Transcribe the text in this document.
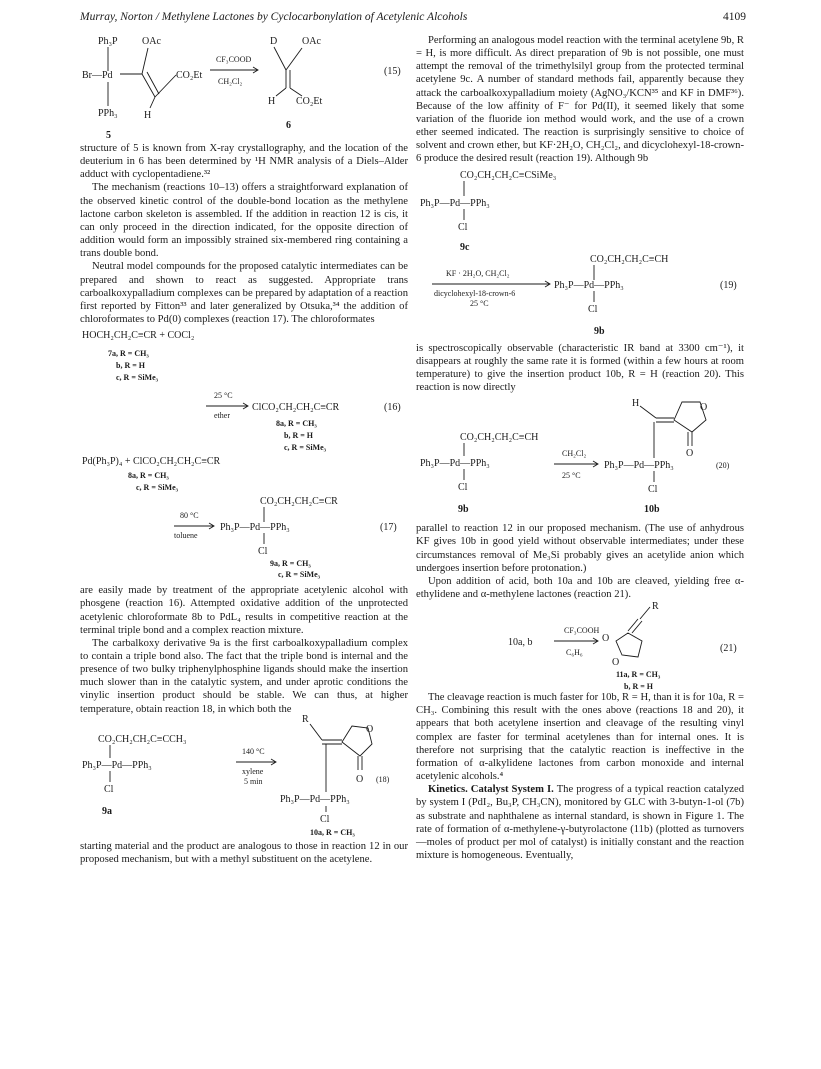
Murray, Norton / Methylene Lactones by Cyclocarbonylation of Acetylenic Alcohols	4109
Ph₃P OAc
Br—Pd	CO₂Et
PPh₃	H
5
CF₃COOD
CH₂Cl₂
D OAc
H CO₂Et
6
(15)

structure of 5 is known from X-ray crystallography, and the location of the deuterium in 6 has been determined by ¹H NMR analysis of a Diels–Alder adduct with cyclopentadiene.³²

The mechanism (reactions 10–13) offers a straightforward explanation of the observed kinetic control of the double-bond location as the methylene lactone carbon skeleton is assembled. If the addition in reaction 12 is cis, it can only proceed in the direction indicated, for the opposite direction of addition would form an impossibly strained six-membered ring containing a trans double bond.

Neutral model compounds for the proposed catalytic intermediates can be prepared and shown to react as suggested. Appropriate trans carboalkoxypalladium complexes can be prepared by adaptation of a reaction first reported by Fitton³³ and later generalized by Otsuka,³⁴ the addition of chloroformates to Pd(0) complexes (reaction 17). The chloroformates

HOCH₂CH₂C≡CR + COCl₂
7a, R = CH₃
b, R = H
c, R = SiMe₃
25 °C
ether
ClCO₂CH₂CH₂C≡CR	(16)
8a, R = CH₃
b, R = H
c, R = SiMe₃
Pd(Ph₃P)₄ + ClCO₂CH₂CH₂C≡CR
8a, R = CH₃
c, R = SiMe₃
CO₂CH₂CH₂C≡CR
80 °C
toluene
Ph₃P—Pd—PPh₃
Cl
(17)
9a, R = CH₃
c, R = SiMe₃

are easily made by treatment of the appropriate acetylenic alcohol with phosgene (reaction 16). Attempted oxidative addition of the unprotected acetylenic chloroformate 8b to PdL₄ results in competitive reaction at the terminal triple bond and a complex reaction mixture.

The carbalkoxy derivative 9a is the first carboalkoxypalladium complex to contain a triple bond also. The fact that the triple bond is internal and the presence of two bulky triphenylphosphine ligands should make the insertion much slower than in the catalytic system, and under aprotic conditions the vinylic insertion product should be stable. We can thus, at higher temperature, obtain reaction 18, in which both the

CO₂CH₂CH₂C≡CCH₃
Ph₃P—Pd—PPh₃
Cl
9a
140 °C
xylene
5 min
R
O
O (18)
Ph₃P—Pd—PPh₃
Cl
10a, R = CH₃

starting material and the product are analogous to those in reaction 12 in our proposed mechanism, but with a methyl substituent on the acetylene.

Performing an analogous model reaction with the terminal acetylene 9b, R = H, is more difficult. As direct preparation of 9b is not possible, one must attempt the removal of the trimethylsilyl group from the protected terminal acetylene 9c. A number of standard methods fail, apparently because they attack the carboalkoxypalladium moiety (AgNO₃/KCN³⁵ and KF in DMF³⁶). Because of the low affinity of F⁻ for Pd(II), it seemed likely that some variation of the fluoride ion method would work, and the use of a crown ether seemed indicated. The reaction is surprisingly sensitive to choice of solvent and crown ether, but KF·2H₂O, CH₂Cl₂, and dicyclohexyl-18-crown-6 produce the desired result (reaction 19). Although 9b

CO₂CH₂CH₂C≡CSiMe₃
Ph₃P—Pd—PPh₃
Cl
9c
CO₂CH₂CH₂C≡CH
KF · 2H₂O, CH₂Cl₂
dicyclohexyl-18-crown-6
25 °C
Ph₃P—Pd—PPh₃
Cl
9b
(19)

is spectroscopically observable (characteristic IR band at 3300 cm⁻¹), it disappears at roughly the same rate it is formed (within a few hours at room temperature) to give the insertion product 10b, R = H (reaction 20). This reaction is now directly

CO₂CH₂CH₂C≡CH
Ph₃P—Pd—PPh₃
Cl
9b
CH₂Cl₂
25 °C
H	O
O
Ph₃P—Pd—PPh₃	(20)
Cl
10b

parallel to reaction 12 in our proposed mechanism. (The use of anhydrous KF gives 10b in good yield without observable intermediates; under these circumstances removal of Me₃Si probably gives an acetylide anion which undergoes insertion before protonation.)

Upon addition of acid, both 10a and 10b are cleaved, yielding free α-ethylidene and α-methylene lactones (reaction 21).

10a, b
CF₃COOH
C₆H₆
R
O
O
(21)
11a, R = CH₃
b, R = H

The cleavage reaction is much faster for 10b, R = H, than it is for 10a, R = CH₃. Combining this result with the ones above (reactions 18 and 20), it appears that both acetylene insertion and cleavage of the resulting vinyl complex are faster for terminal acetylenes than for internal ones. It is therefore not surprising that the catalytic reaction is ineffective in the formation of α-alkylidene lactones from carbon monoxide and internal acetylenic alcohols.⁴

Kinetics. Catalyst System I. The progress of a typical reaction catalyzed by system I (PdI₂, Bu₃P, CH₃CN), monitored by GLC with 3-butyn-1-ol (7b) as substrate and naphthalene as internal standard, is shown in Figure 1. The rate of formation of α-methylene-γ-butyrolactone (11b) (plotted as turnovers—moles of product per mol of catalyst) is initially constant and the reaction mixture is homogeneous. Eventually,
